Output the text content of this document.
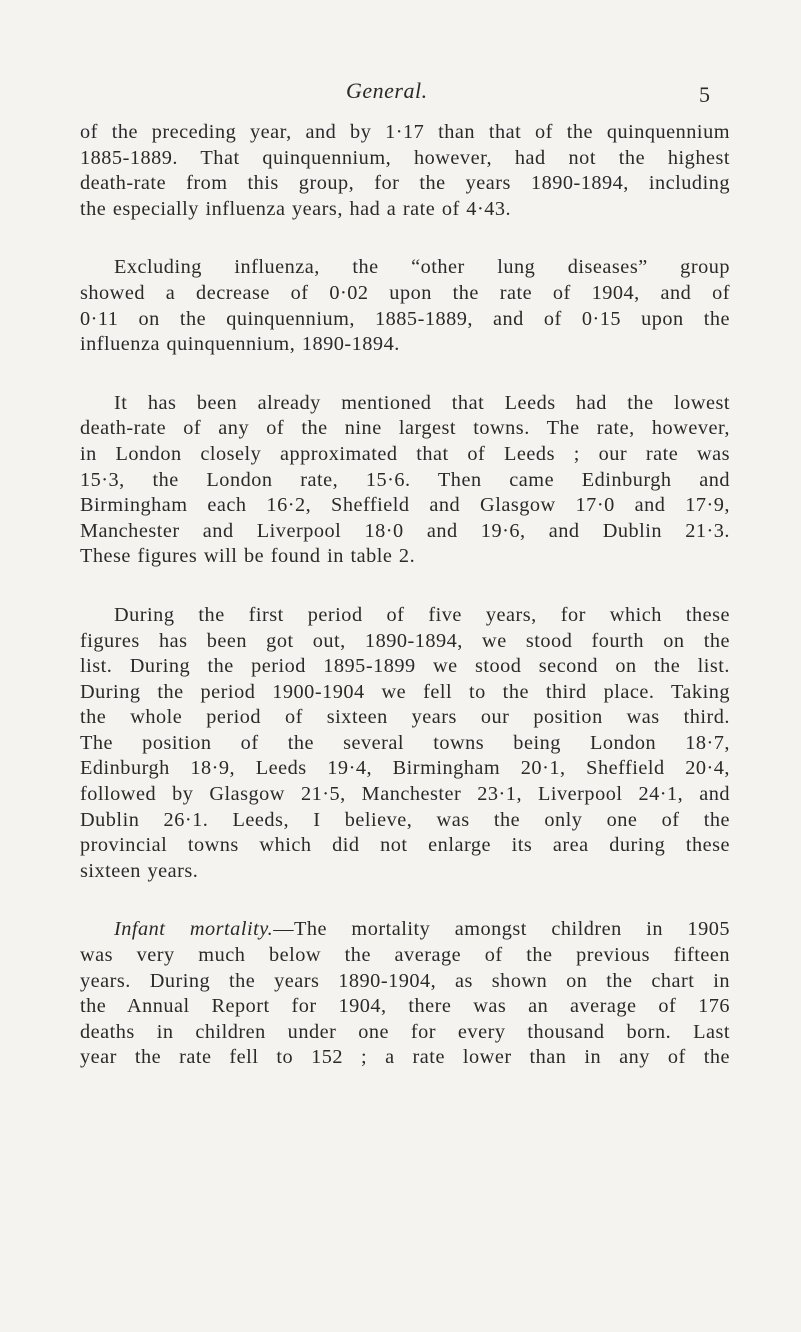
General.	5
of the preceding year, and by 1·17 than that of the quinquennium
1885-1889. That quinquennium, however, had not the highest
death-rate from this group, for the years 1890-1894, including
the especially influenza years, had a rate of 4·43.
Excluding influenza, the “other lung diseases” group
showed a decrease of 0·02 upon the rate of 1904, and of
0·11 on the quinquennium, 1885-1889, and of 0·15 upon the
influenza quinquennium, 1890-1894.
It has been already mentioned that Leeds had the lowest
death-rate of any of the nine largest towns. The rate, however,
in London closely approximated that of Leeds ; our rate was
15·3, the London rate, 15·6. Then came Edinburgh and
Birmingham each 16·2, Sheffield and Glasgow 17·0 and 17·9,
Manchester and Liverpool 18·0 and 19·6, and Dublin 21·3.
These figures will be found in table 2.
During the first period of five years, for which these
figures has been got out, 1890-1894, we stood fourth on the
list. During the period 1895-1899 we stood second on the list.
During the period 1900-1904 we fell to the third place. Taking
the whole period of sixteen years our position was third.
The position of the several towns being London 18·7,
Edinburgh 18·9, Leeds 19·4, Birmingham 20·1, Sheffield 20·4,
followed by Glasgow 21·5, Manchester 23·1, Liverpool 24·1, and
Dublin 26·1. Leeds, I believe, was the only one of the
provincial towns which did not enlarge its area during these
sixteen years.
Infant mortality.—The mortality amongst children in 1905
was very much below the average of the previous fifteen
years. During the years 1890-1904, as shown on the chart in
the Annual Report for 1904, there was an average of 176
deaths in children under one for every thousand born. Last
year the rate fell to 152 ; a rate lower than in any of the
